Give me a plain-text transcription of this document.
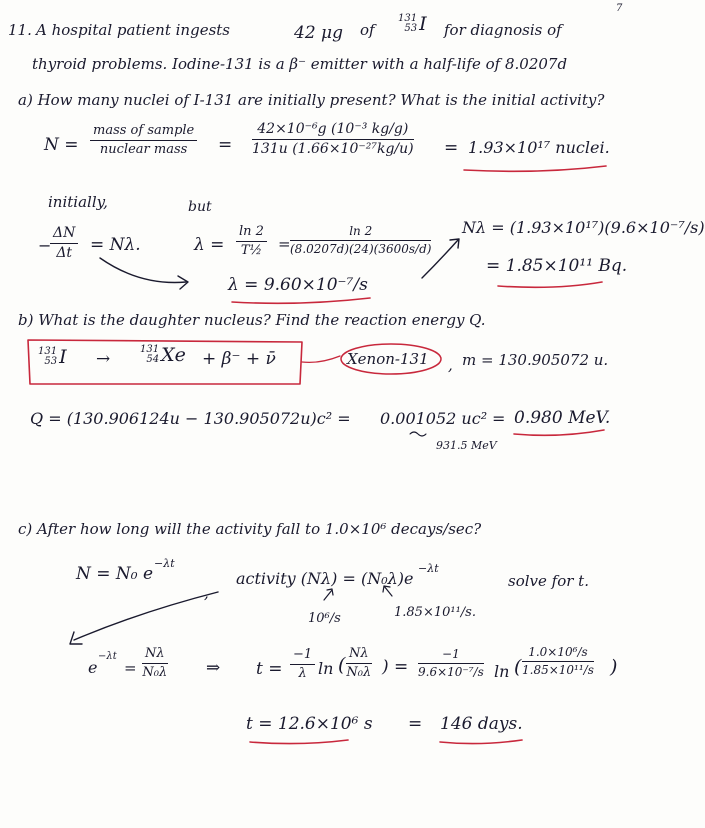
7
11. A hospital patient ingests	42 μg of
131
53 I for diagnosis of
thyroid problems. Iodine-131 is a β⁻ emitter with a half-life of 8.0207d
a) How many nuclei of I-131 are initially present? What is the initial activity?
N =
mass of sample
nuclear mass	= $\frac{\text{42×10⁻⁶g (10⁻³ kg/g)}}{\text{131u (1.66×10⁻²⁷kg/u)}} = 1.93\times 10^{17}$ nuclei.
initially,	but
−
$\frac{\Delta N}{\Delta t} = N\lambda$.	$\lambda = \frac{\ln 2}{\text{T½}} = \frac{\ln 2}{(8.0207d)(24)(3600s/d)}$
λ = 9.60×10⁻⁷/s
Nλ = (1.93×10¹⁷)(9.6×10⁻⁷/s)
= 1.85×10¹¹ Bq.
b) What is the daughter nucleus? Find the reaction energy Q.
131
53 I →	131
54 Xe + β⁻ + ν̄	Xenon-131 , m = 130.905072 u.
Q = (130.906124u − 130.905072u)c² = 0.001052 uc² = 0.980 MeV.
931.5 MeV
c) After how long will the activity fall to 1.0×10⁶ decays/sec?
N = N₀ e
−λt
,
activity (Nλ) = (N₀λ)e
−λt
solve for t.
10⁶/s	1.85×10¹¹/s.
e
−λt
= $\frac{N\lambda}{\text{N₀λ}}$ ⇒ $t = \frac{-1}{\lambda}$ ln ( $\frac{N\lambda}{\text{N₀λ}}$ ) = $\frac{-1}{\text{9.6×10⁻⁷/s}}$ ln ( $\frac{\text{1.0×10⁶/s}}{\text{1.85×10¹¹/s}}$ )
t = 12.6×10⁶ s = 146 days.
